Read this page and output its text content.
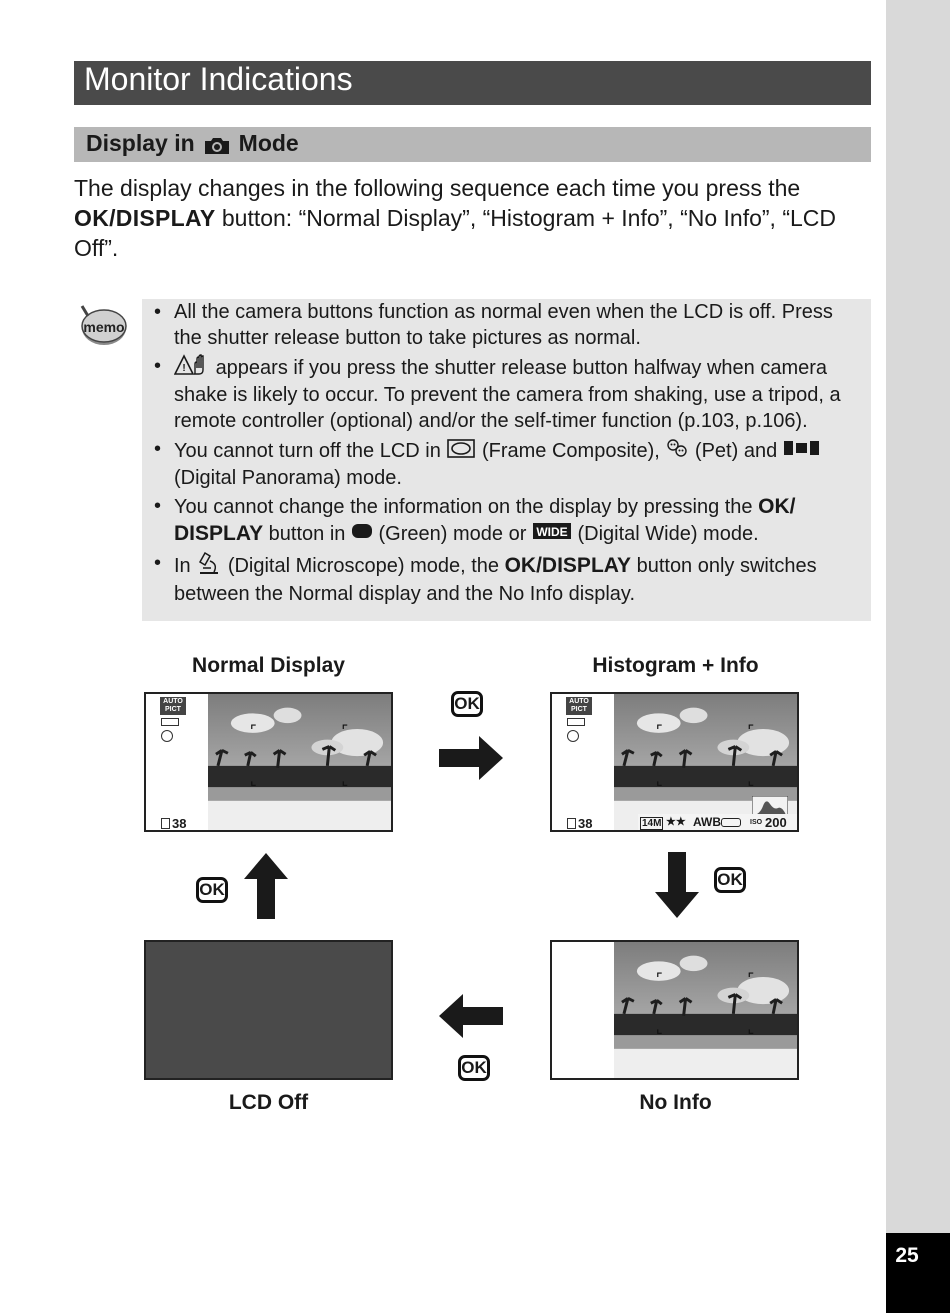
25
Monitor Indications
Display in Mode
The display changes in the following sequence each time you press the OK/DISPLAY button: “Normal Display”, “Histogram + Info”, “No Info”, “LCD Off”.
memo
• All the camera buttons function as normal even when the LCD is off. Press the shutter release button to take pictures as normal.
• ! appears if you press the shutter release button halfway when camera shake is likely to occur. To prevent the camera from shaking, use a tripod, a remote controller (optional) and/or the self-timer function (p.103, p.106).
• You cannot turn off the LCD in (Frame Composite), (Pet) and  (Digital Panorama) mode.
• You cannot change the information on the display by pressing the OK/ DISPLAY button in (Green) mode or WIDE (Digital Wide) mode.
• In (Digital Microscope) mode, the OK/DISPLAY button only switches between the Normal display and the No Info display.
Normal Display
AUTO PICT
38
OK
Histogram + Info
AUTO PICT
38	14M ★★ AWB	ISO 200
OK
No Info
OK
LCD Off
OK
